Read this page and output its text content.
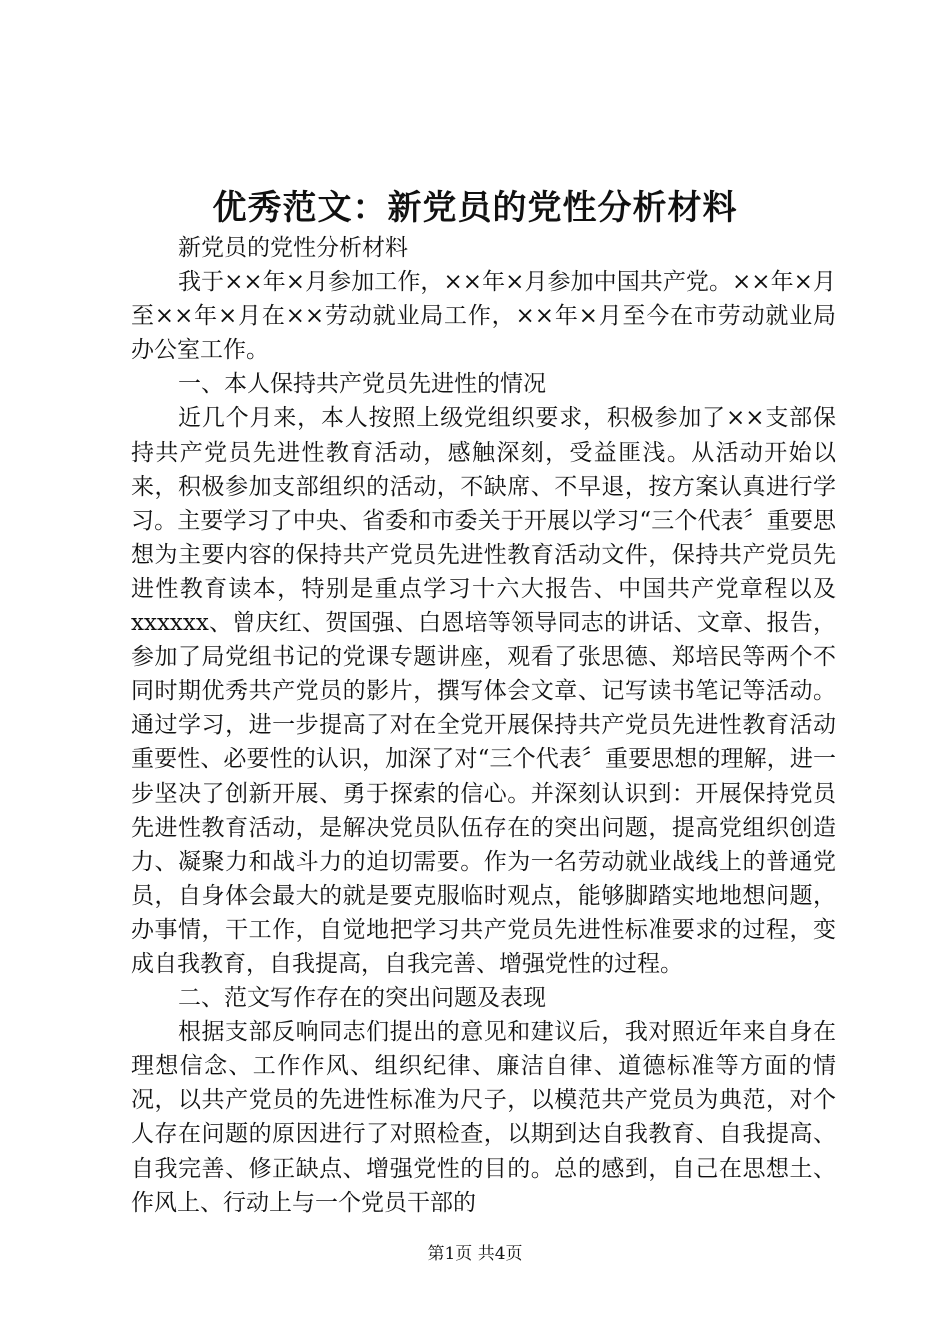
优秀范文：新党员的党性分析材料

新党员的党性分析材料

我于××年×月参加工作，××年×月参加中国共产党。××年×月至××年×月在××劳动就业局工作，××年×月至今在市劳动就业局办公室工作。

一、本人保持共产党员先进性的情况

近几个月来，本人按照上级党组织要求，积极参加了××支部保持共产党员先进性教育活动，感触深刻，受益匪浅。从活动开始以来，积极参加支部组织的活动，不缺席、不早退，按方案认真进行学习。主要学习了中央、省委和市委关于开展以学习“三个代表〞重要思想为主要内容的保持共产党员先进性教育活动文件，保持共产党员先进性教育读本，特别是重点学习十六大报告、中国共产党章程以及xxxxxx、曾庆红、贺国强、白恩培等领导同志的讲话、文章、报告，参加了局党组书记的党课专题讲座，观看了张思德、郑培民等两个不同时期优秀共产党员的影片，撰写体会文章、记写读书笔记等活动。通过学习，进一步提高了对在全党开展保持共产党员先进性教育活动重要性、必要性的认识，加深了对“三个代表〞重要思想的理解，进一步坚决了创新开展、勇于探索的信心。并深刻认识到：开展保持党员先进性教育活动，是解决党员队伍存在的突出问题，提高党组织创造力、凝聚力和战斗力的迫切需要。作为一名劳动就业战线上的普通党员，自身体会最大的就是要克服临时观点，能够脚踏实地地想问题，办事情，干工作，自觉地把学习共产党员先进性标准要求的过程，变成自我教育，自我提高，自我完善、增强党性的过程。

二、范文写作存在的突出问题及表现

根据支部反响同志们提出的意见和建议后，我对照近年来自身在理想信念、工作作风、组织纪律、廉洁自律、道德标准等方面的情况，以共产党员的先进性标准为尺子，以模范共产党员为典范，对个人存在问题的原因进行了对照检查，以期到达自我教育、自我提高、自我完善、修正缺点、增强党性的目的。总的感到，自己在思想土、作风上、行动上与一个党员干部的

第1页 共4页
